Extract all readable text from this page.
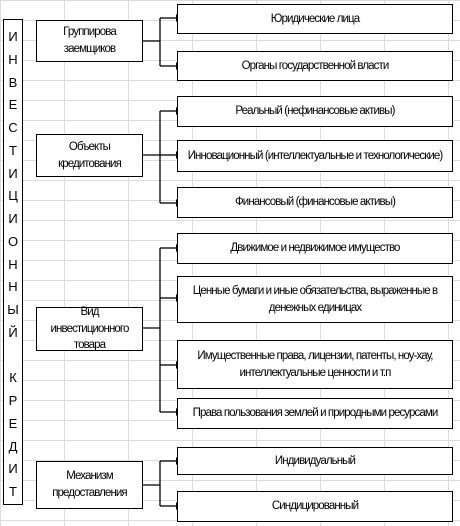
И
Н
В
Е
С
Т
И
Ц
И
О
Н
Н
Ы
Й

К
Р
Е
Д
И
Т
Группирова заемщиков
Юридические лица
Органы государственной власти
Объекты кредитования
Реальный (нефинансовые активы)
Инновационный (интеллектуальные и технологические)
Финансовый (финансовые активы)
Вид инвестиционного товара
Движимое и недвижимое имущество
Ценные бумаги и иные обязательства, выраженные в денежных единицах
Имущественные права, лицензии, патенты, ноу-хау, интеллектуальные ценности и т.п
Права пользования землей и природными ресурсами
Механизм предоставления
Индивидуальный
Синдицированный
